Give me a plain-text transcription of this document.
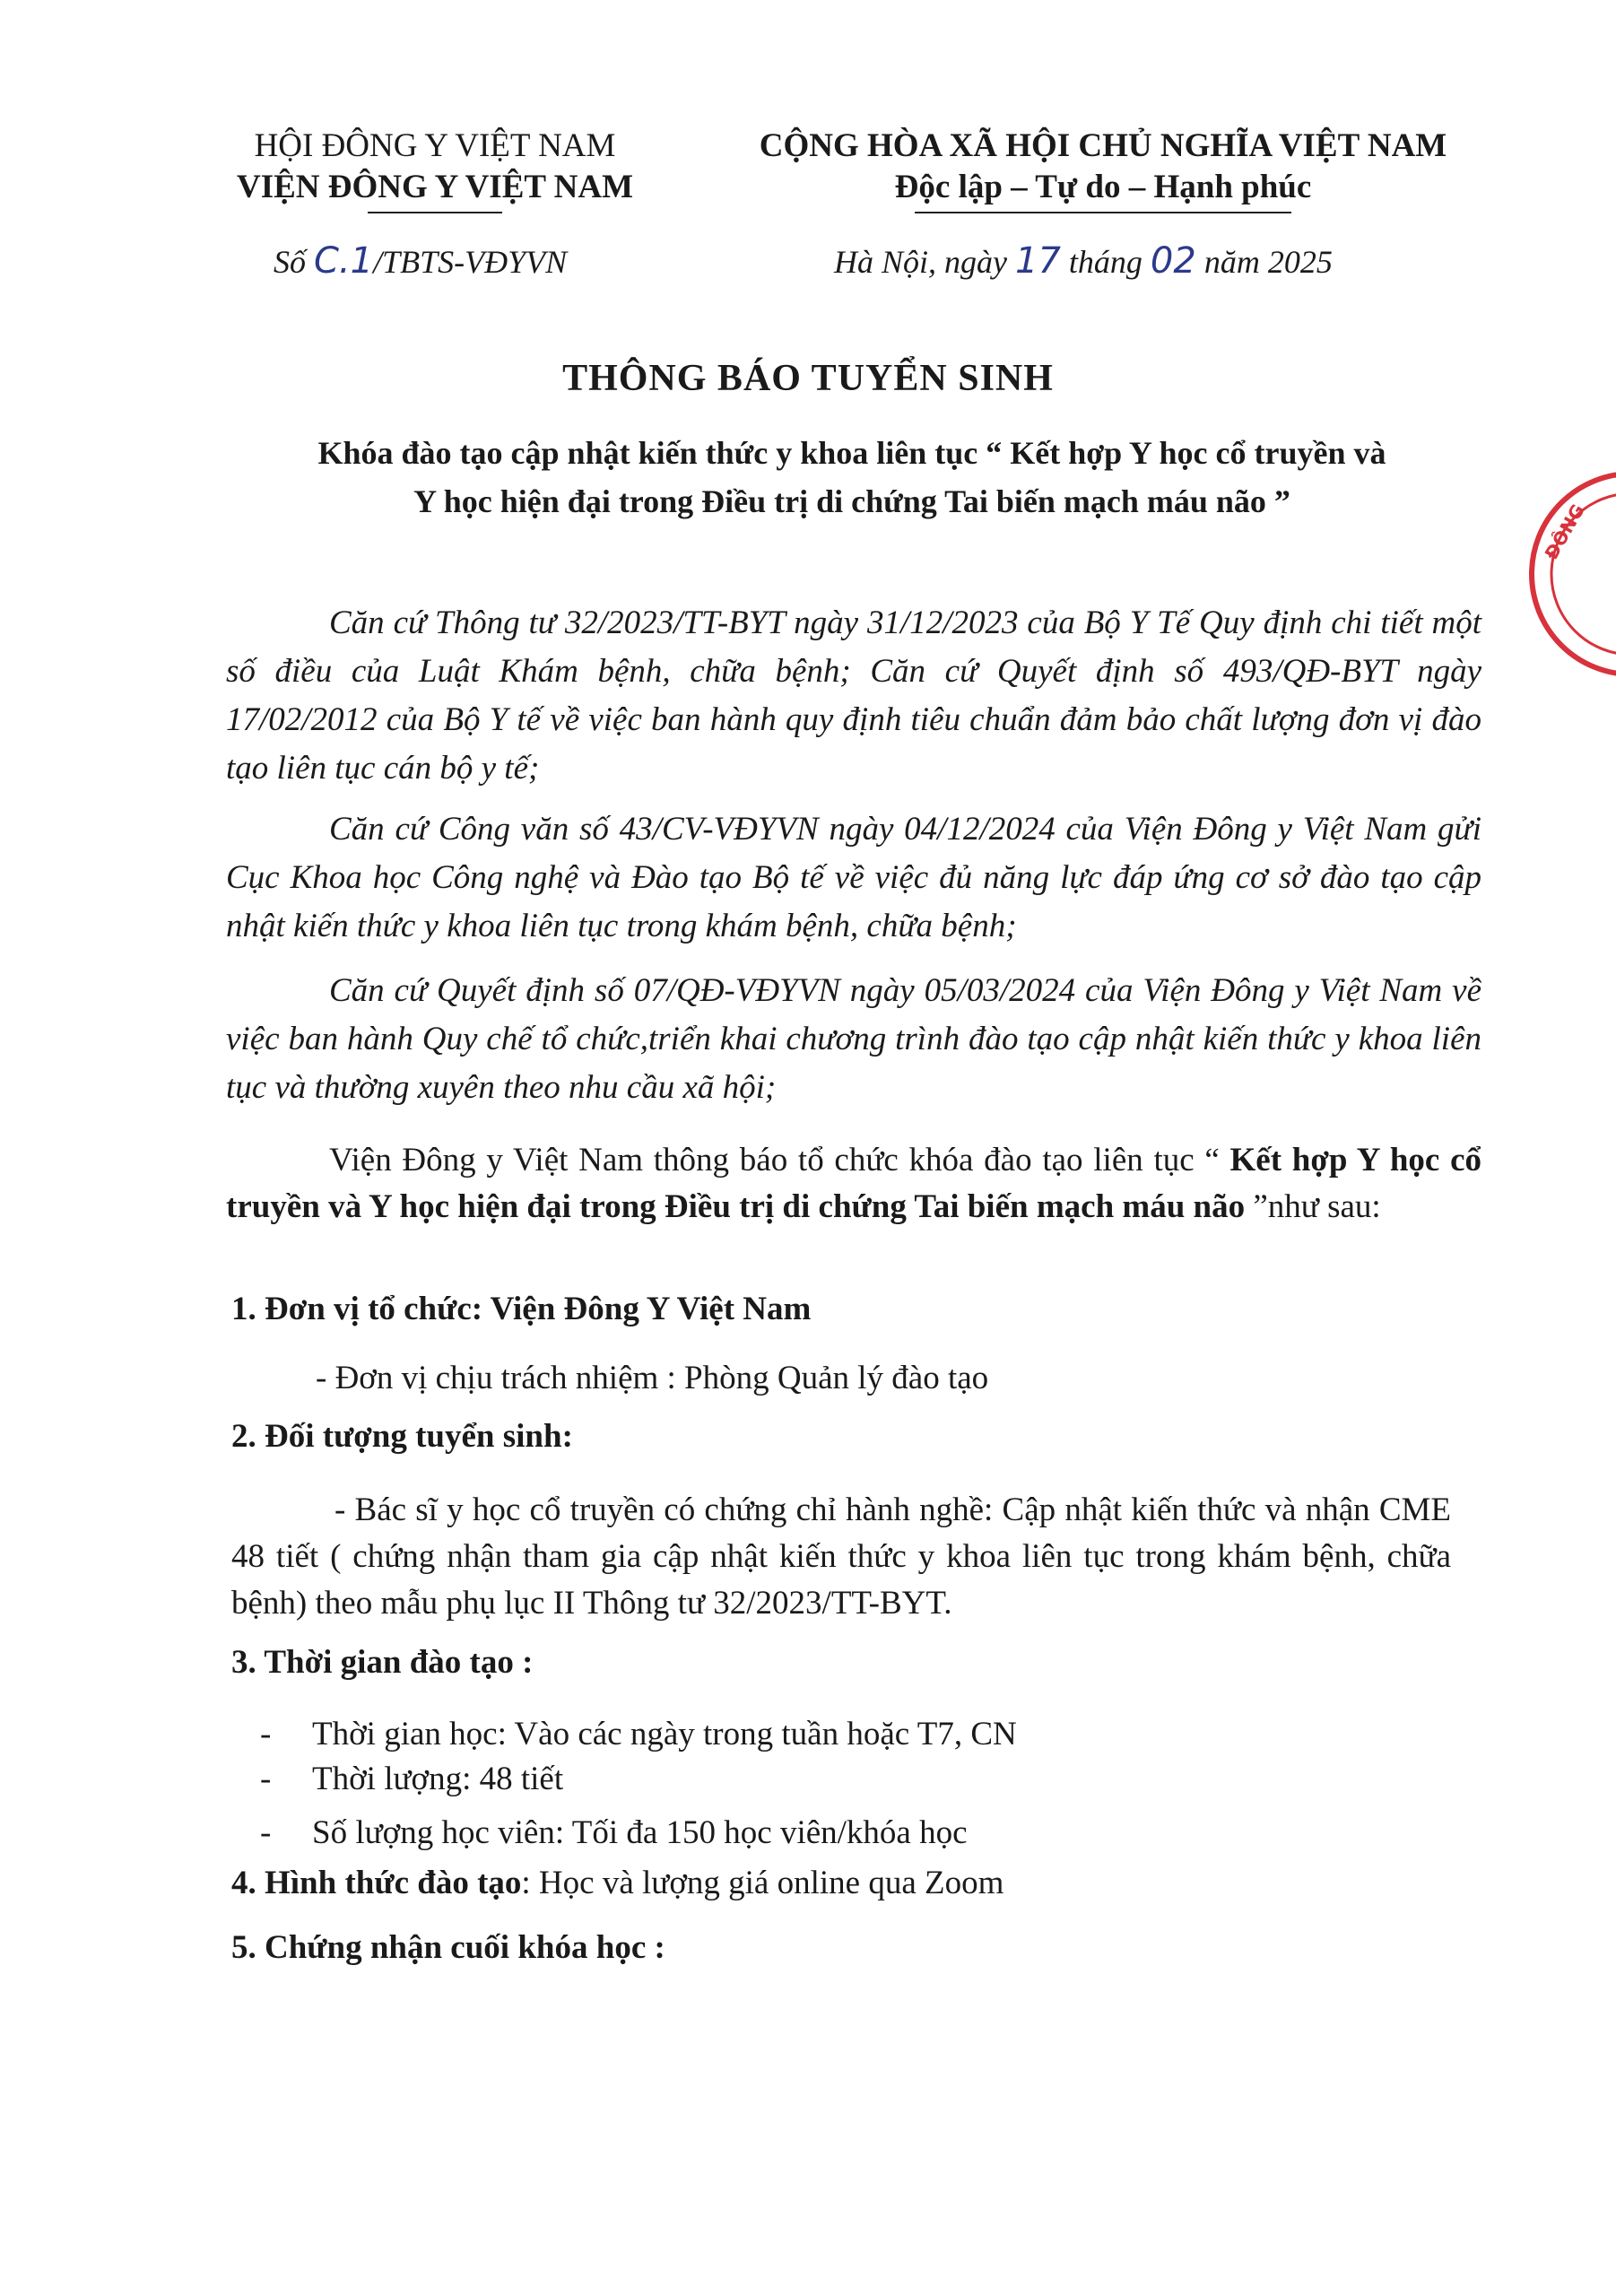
HỘI ĐÔNG Y VIỆT NAM
VIỆN ĐÔNG Y VIỆT NAM
CỘNG HÒA XÃ HỘI CHỦ NGHĨA VIỆT NAM
Độc lập – Tự do – Hạnh phúc
Số C.1/TBTS-VĐYVN	Hà Nội, ngày 17 tháng 02 năm 2025
THÔNG BÁO TUYỂN SINH
Khóa đào tạo cập nhật kiến thức y khoa liên tục “ Kết hợp Y học cổ truyền và
Y học hiện đại trong Điều trị di chứng Tai biến mạch máu não ”
Căn cứ Thông tư 32/2023/TT-BYT ngày 31/12/2023 của Bộ Y Tế Quy định chi tiết một số điều của Luật Khám bệnh, chữa bệnh; Căn cứ Quyết định số 493/QĐ-BYT ngày 17/02/2012 của Bộ Y tế về việc ban hành quy định tiêu chuẩn đảm bảo chất lượng đơn vị đào tạo liên tục cán bộ y tế;
Căn cứ Công văn số 43/CV-VĐYVN ngày 04/12/2024 của Viện Đông y Việt Nam gửi Cục Khoa học Công nghệ và Đào tạo Bộ tế về việc đủ năng lực đáp ứng cơ sở đào tạo cập nhật kiến thức y khoa liên tục trong khám bệnh, chữa bệnh;
Căn cứ Quyết định số 07/QĐ-VĐYVN ngày 05/03/2024 của Viện Đông y Việt Nam về việc ban hành Quy chế tổ chức,triển khai chương trình đào tạo cập nhật kiến thức y khoa liên tục và thường xuyên theo nhu cầu xã hội;
Viện Đông y Việt Nam thông báo tổ chức khóa đào tạo liên tục “ Kết hợp Y học cổ truyền và Y học hiện đại trong Điều trị di chứng Tai biến mạch máu não ”như sau:
1. Đơn vị tổ chức: Viện Đông Y Việt Nam
- Đơn vị chịu trách nhiệm : Phòng Quản lý đào tạo
2. Đối tượng tuyển sinh:
- Bác sĩ y học cổ truyền có chứng chỉ hành nghề: Cập nhật kiến thức và nhận CME 48 tiết ( chứng nhận tham gia cập nhật kiến thức y khoa liên tục trong khám bệnh, chữa bệnh) theo mẫu phụ lục II Thông tư 32/2023/TT-BYT.
3. Thời gian đào tạo :
- Thời gian học: Vào các ngày trong tuần hoặc T7, CN
- Thời lượng: 48 tiết
- Số lượng học viên: Tối đa 150 học viên/khóa học
4. Hình thức đào tạo: Học và lượng giá online qua Zoom
5. Chứng nhận cuối khóa học :
ĐÔNG
